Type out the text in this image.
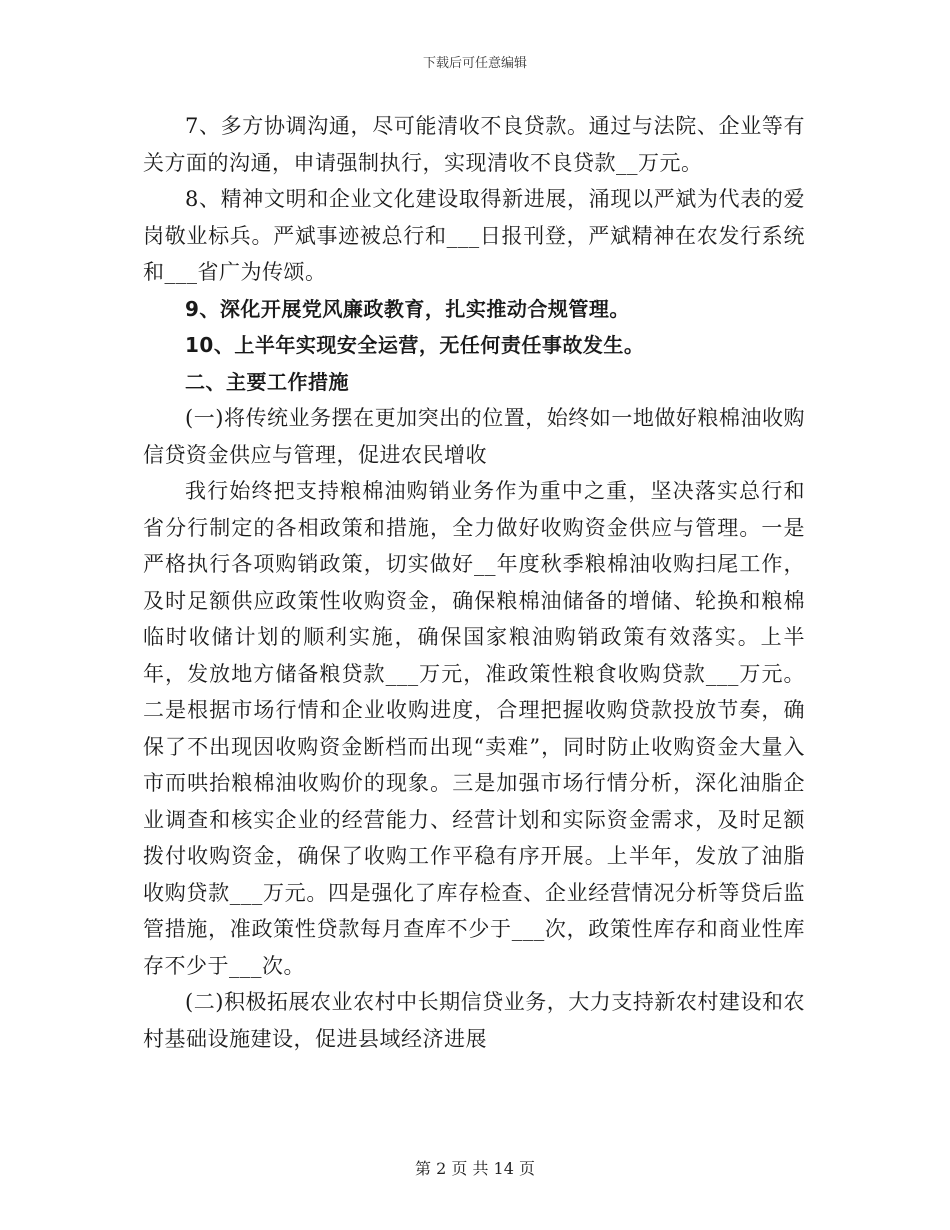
下载后可任意编辑

7、多方协调沟通，尽可能清收不良贷款。通过与法院、企业等有关方面的沟通，申请强制执行，实现清收不良贷款__万元。

8、精神文明和企业文化建设取得新进展，涌现以严斌为代表的爱岗敬业标兵。严斌事迹被总行和___日报刊登，严斌精神在农发行系统和___省广为传颂。

9、深化开展党风廉政教育，扎实推动合规管理。

10、上半年实现安全运营，无任何责任事故发生。

二、主要工作措施

(一)将传统业务摆在更加突出的位置，始终如一地做好粮棉油收购信贷资金供应与管理，促进农民增收

我行始终把支持粮棉油购销业务作为重中之重，坚决落实总行和省分行制定的各相政策和措施，全力做好收购资金供应与管理。一是严格执行各项购销政策，切实做好__年度秋季粮棉油收购扫尾工作，及时足额供应政策性收购资金，确保粮棉油储备的增储、轮换和粮棉临时收储计划的顺利实施，确保国家粮油购销政策有效落实。上半年，发放地方储备粮贷款___万元，准政策性粮食收购贷款___万元。二是根据市场行情和企业收购进度，合理把握收购贷款投放节奏，确保了不出现因收购资金断档而出现“卖难”，同时防止收购资金大量入市而哄抬粮棉油收购价的现象。三是加强市场行情分析，深化油脂企业调查和核实企业的经营能力、经营计划和实际资金需求，及时足额拨付收购资金，确保了收购工作平稳有序开展。上半年，发放了油脂收购贷款___万元。四是强化了库存检查、企业经营情况分析等贷后监管措施，准政策性贷款每月查库不少于___次，政策性库存和商业性库存不少于___次。

(二)积极拓展农业农村中长期信贷业务，大力支持新农村建设和农村基础设施建设，促进县域经济进展

第 2 页 共 14 页
